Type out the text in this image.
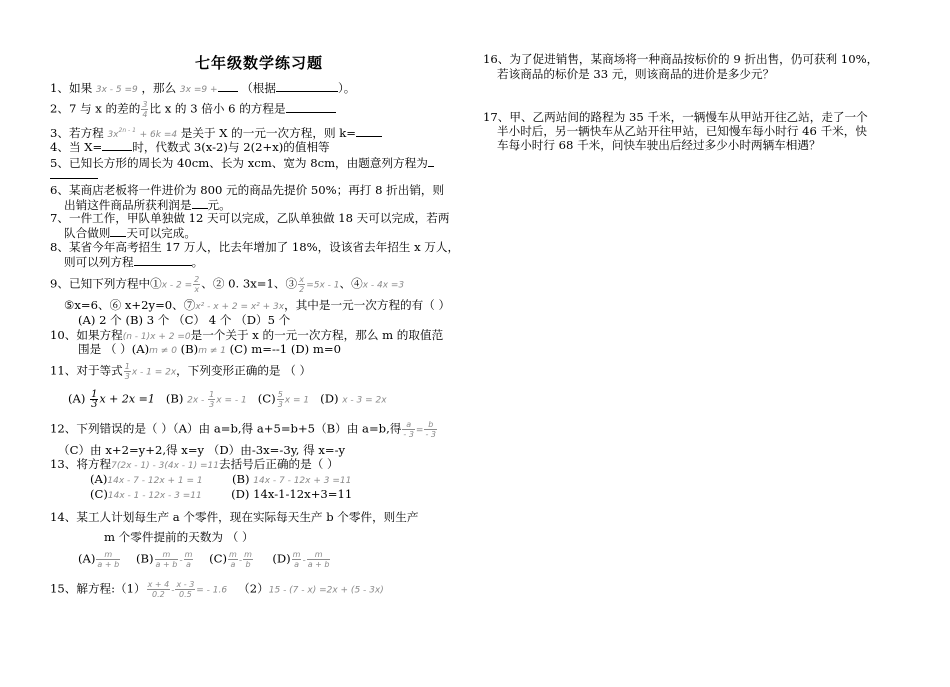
七年级数学练习题
1、如果 3x - 5 =9 ，那么 3x =9 + （根据	）。
2、7 与 x 的差的 $\frac{3}{4}$ 比 x 的 3 倍小 6 的方程是
3、若方程 $3x^{2n - 1} + 6k =4$ 是关于 X 的一元一次方程，则 k=
4、当 X=	时，代数式 3(x-2)与 2(2+x)的值相等
5、已知长方形的周长为 40cm、长为 xcm、宽为 8cm，由题意列方程为
6、某商店老板将一件进价为 800 元的商品先提价 50%；再打 8 折出销，则
出销这件商品所获利润是 元。
7、一件工作，甲队单独做 12 天可以完成，乙队单独做 18 天可以完成，若两
队合做则 天可以完成。
8、某省今年高考招生 17 万人，比去年增加了 18%，设该省去年招生 x 万人，
则可以列方程	。
9、已知下列方程中①x - $2 = \frac{2}{x}$ 、② 0. 3x=1、③ $\frac{x}{2} =5x - 1$、④x - 4x =3
⑤x=6、⑥ x+2y=0、⑦x² - x + 2 = x² + 3x，其中是一元一次方程的有（ ）
(A) 2 个 (B) 3 个 （C） 4 个 （D）5 个
10、如果方程(n - 1)x + 2 =0是一个关于 x 的一元一次方程，那么 m 的取值范
围是 （ ）(A)m ≠ 0 (B)m ≠ 1 (C) m=--1 (D) m=0
11、对于等式 $\frac{1}{3}$ x - 1 = 2x，下列变形正确的是 （ ）
$(A) \frac{1}{3}$ x + 2x =1 (B) $2x - \frac{1}{3}$ x = - 1 $(C) \frac{5}{3}$ x = 1 (D) x - 3 = 2x
12、下列错误的是（ ）（A）由 a=b,得 a+5=b+5（B）由 a=b,得 $\frac{a}{- 3} = \frac{b}{- 3}$
（C）由 x+2=y+2,得 x=y （D）由-3x=-3y, 得 x=-y
13、将方程7(2x - 1) - 3(4x - 1) =11去括号后正确的是（ ）
(A)14x - 7 - 12x + 1 = 1	(B) 14x - 7 - 12x + 3 =11
(C)14x - 1 - 12x - 3 =11	(D) 14x-1-12x+3=11
14、某工人计划每生产 a 个零件，现在实际每天生产 b 个零件，则生产
m 个零件提前的天数为 （ ）
$(A) \frac{m}{a + b} (B) \frac{m}{a + b} - \frac{m}{a} (C) \frac{m}{a} - \frac{m}{b} (D) \frac{m}{a} - \frac{m}{a + b}$
15、解方程:（1） $\frac{x + 4}{0.2} - \frac{x - 3}{0.5}$ = - 1.6 （2）15 - (7 - x) =2x + (5 - 3x)
16、为了促进销售，某商场将一种商品按标价的 9 折出售，仍可获利 10%，
若该商品的标价是 33 元，则该商品的进价是多少元？
17、甲、乙两站间的路程为 35 千米，一辆慢车从甲站开往乙站，走了一个
半小时后，另一辆快车从乙站开往甲站，已知慢车每小时行 46 千米，快
车每小时行 68 千米，问快车驶出后经过多少小时两辆车相遇？
